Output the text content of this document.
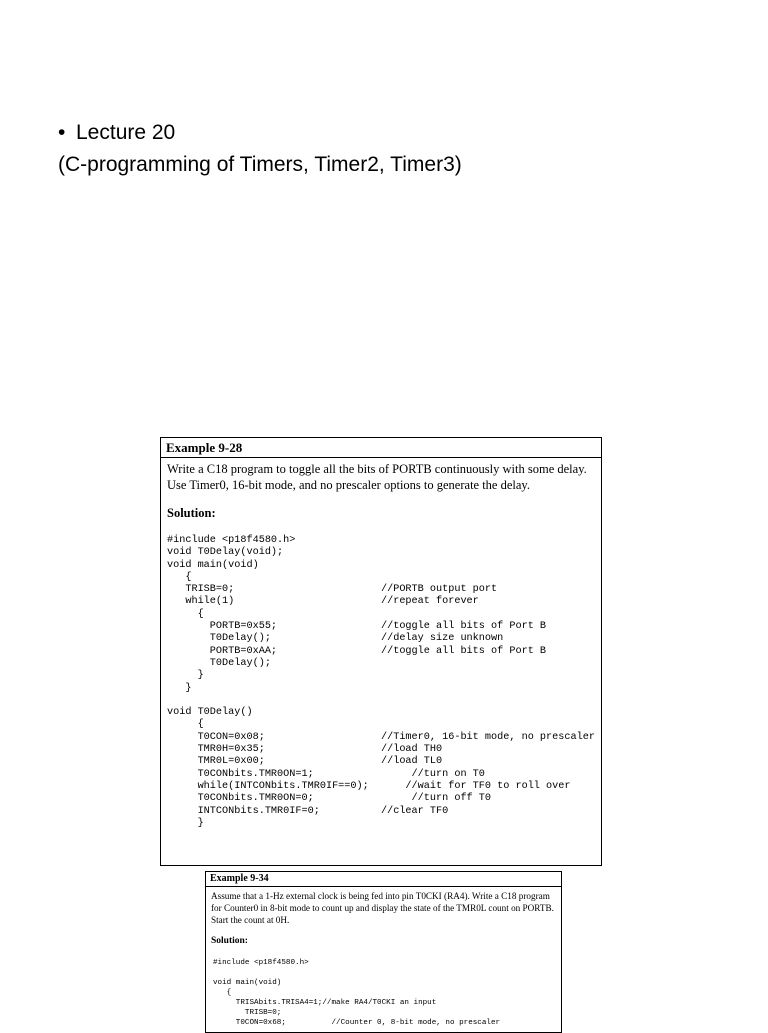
• Lecture 20
(C-programming of Timers, Timer2, Timer3)
Example 9-28
Write a C18 program to toggle all the bits of PORTB continuously with some delay. Use Timer0, 16-bit mode, and no prescaler options to generate the delay.
Solution:
#include <p18f4580.h>
void T0Delay(void);
void main(void)
{
TRISB=0;                        //PORTB output port
while(1)                        //repeat forever
{
PORTB=0x55;                 //toggle all bits of Port B
T0Delay();                  //delay size unknown
PORTB=0xAA;                 //toggle all bits of Port B
T0Delay();
}
}

void T0Delay()
{
T0CON=0x08;                   //Timer0, 16-bit mode, no prescaler
TMR0H=0x35;                   //load TH0
TMR0L=0x00;                   //load TL0
T0CONbits.TMR0ON=1;                //turn on T0
while(INTCONbits.TMR0IF==0);      //wait for TF0 to roll over
T0CONbits.TMR0ON=0;                //turn off T0
INTCONbits.TMR0IF=0;          //clear TF0
}
Example 9-34
Assume that a 1-Hz external clock is being fed into pin T0CKI (RA4). Write a C18 program for Counter0 in 8-bit mode to count up and display the state of the TMR0L count on PORTB. Start the count at 0H.
Solution:
#include <p18f4580.h>

void main(void)
{
TRISAbits.TRISA4=1;//make RA4/T0CKI an input
TRISB=0;
T0CON=0x68;          //Counter 0, 8-bit mode, no prescaler
